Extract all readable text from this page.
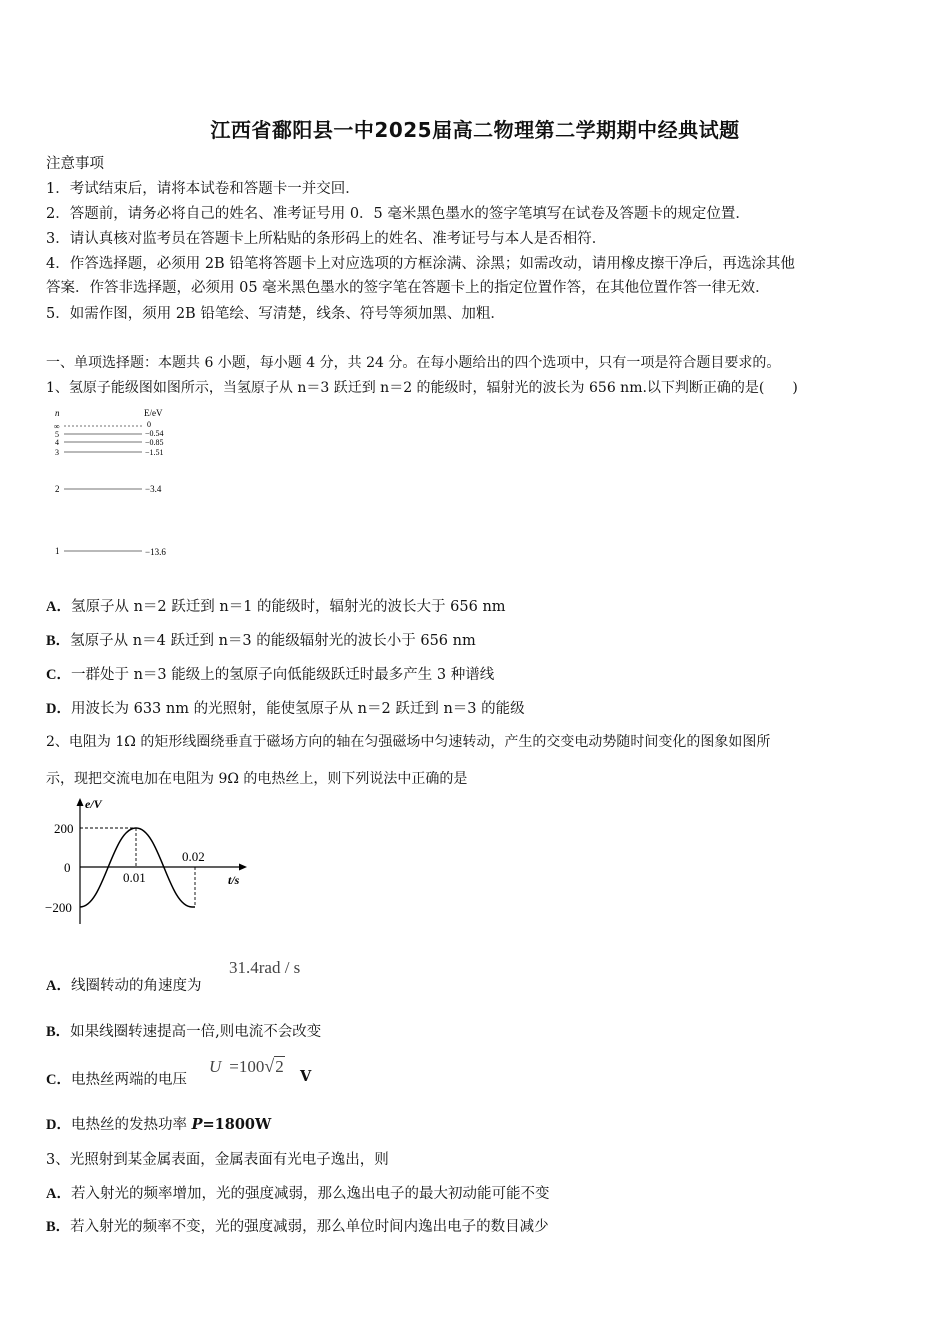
江西省鄱阳县一中2025届高二物理第二学期期中经典试题
注意事项
1．考试结束后，请将本试卷和答题卡一并交回．
2．答题前，请务必将自己的姓名、准考证号用 0．5 毫米黑色墨水的签字笔填写在试卷及答题卡的规定位置．
3．请认真核对监考员在答题卡上所粘贴的条形码上的姓名、准考证号与本人是否相符．
4．作答选择题，必须用 2B 铅笔将答题卡上对应选项的方框涂满、涂黑；如需改动，请用橡皮擦干净后，再选涂其他
答案．作答非选择题，必须用 05 毫米黑色墨水的签字笔在答题卡上的指定位置作答，在其他位置作答一律无效．
5．如需作图，须用 2B 铅笔绘、写清楚，线条、符号等须加黑、加粗．
一、单项选择题：本题共 6 小题，每小题 4 分，共 24 分。在每小题给出的四个选项中，只有一项是符合题目要求的。
1、氢原子能级图如图所示，当氢原子从 n＝3 跃迁到 n＝2 的能级时，辐射光的波长为 656 nm.以下判断正确的是(　　)
n	E/eV
∞
5
4
3
2
1
0
−0.54
−0.85
−1.51
−3.4
−13.6
A．氢原子从 n＝2 跃迁到 n＝1 的能级时，辐射光的波长大于 656 nm
B．氢原子从 n＝4 跃迁到 n＝3 的能级辐射光的波长小于 656 nm
C．一群处于 n＝3 能级上的氢原子向低能级跃迁时最多产生 3 种谱线
D．用波长为 633 nm 的光照射，能使氢原子从 n＝2 跃迁到 n＝3 的能级
2、电阻为 1Ω 的矩形线圈绕垂直于磁场方向的轴在匀强磁场中匀速转动，产生的交变电动势随时间变化的图象如图所
示，现把交流电加在电阻为 9Ω 的电热丝上，则下列说法中正确的是
e/V
t/s
200
0
−200
0.01
0.02
A．线圈转动的角速度为
31.4rad / s
B．如果线圈转速提高一倍,则电流不会改变
C．电热丝两端的电压
U =100√2
V
D．电热丝的发热功率 P=1800W
3、光照射到某金属表面，金属表面有光电子逸出，则
A．若入射光的频率增加，光的强度减弱，那么逸出电子的最大初动能可能不变
B．若入射光的频率不变，光的强度减弱，那么单位时间内逸出电子的数目减少
